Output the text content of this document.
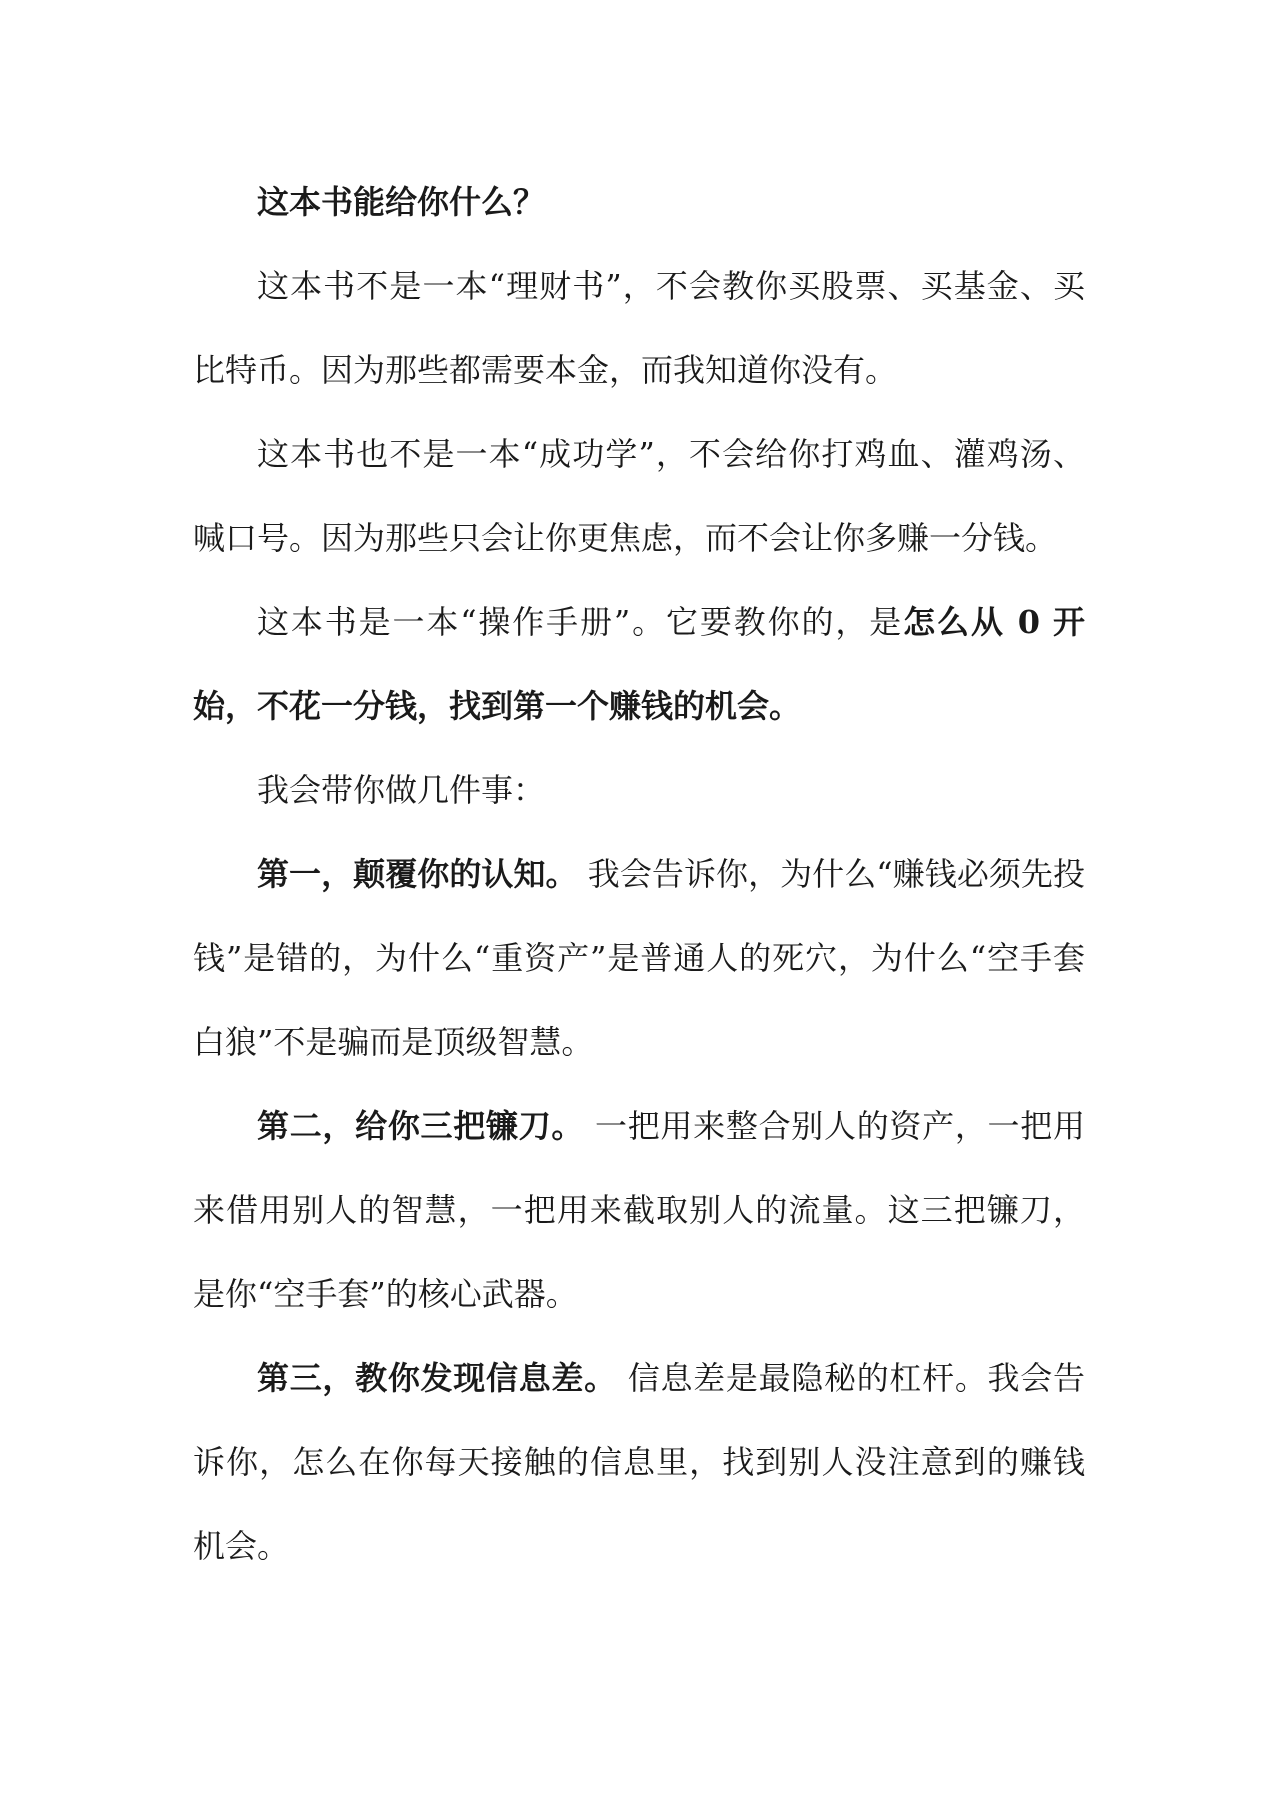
这本书能给你什么？

这本书不是一本“理财书”，不会教你买股票、买基金、买比特币。因为那些都需要本金，而我知道你没有。

这本书也不是一本“成功学”，不会给你打鸡血、灌鸡汤、喊口号。因为那些只会让你更焦虑，而不会让你多赚一分钱。

这本书是一本“操作手册”。它要教你的，是怎么从 0 开始，不花一分钱，找到第一个赚钱的机会。

我会带你做几件事：

第一，颠覆你的认知。 我会告诉你，为什么“赚钱必须先投钱”是错的，为什么“重资产”是普通人的死穴，为什么“空手套白狼”不是骗而是顶级智慧。

第二，给你三把镰刀。 一把用来整合别人的资产，一把用来借用别人的智慧，一把用来截取别人的流量。这三把镰刀，是你“空手套”的核心武器。

第三，教你发现信息差。 信息差是最隐秘的杠杆。我会告诉你，怎么在你每天接触的信息里，找到别人没注意到的赚钱机会。
